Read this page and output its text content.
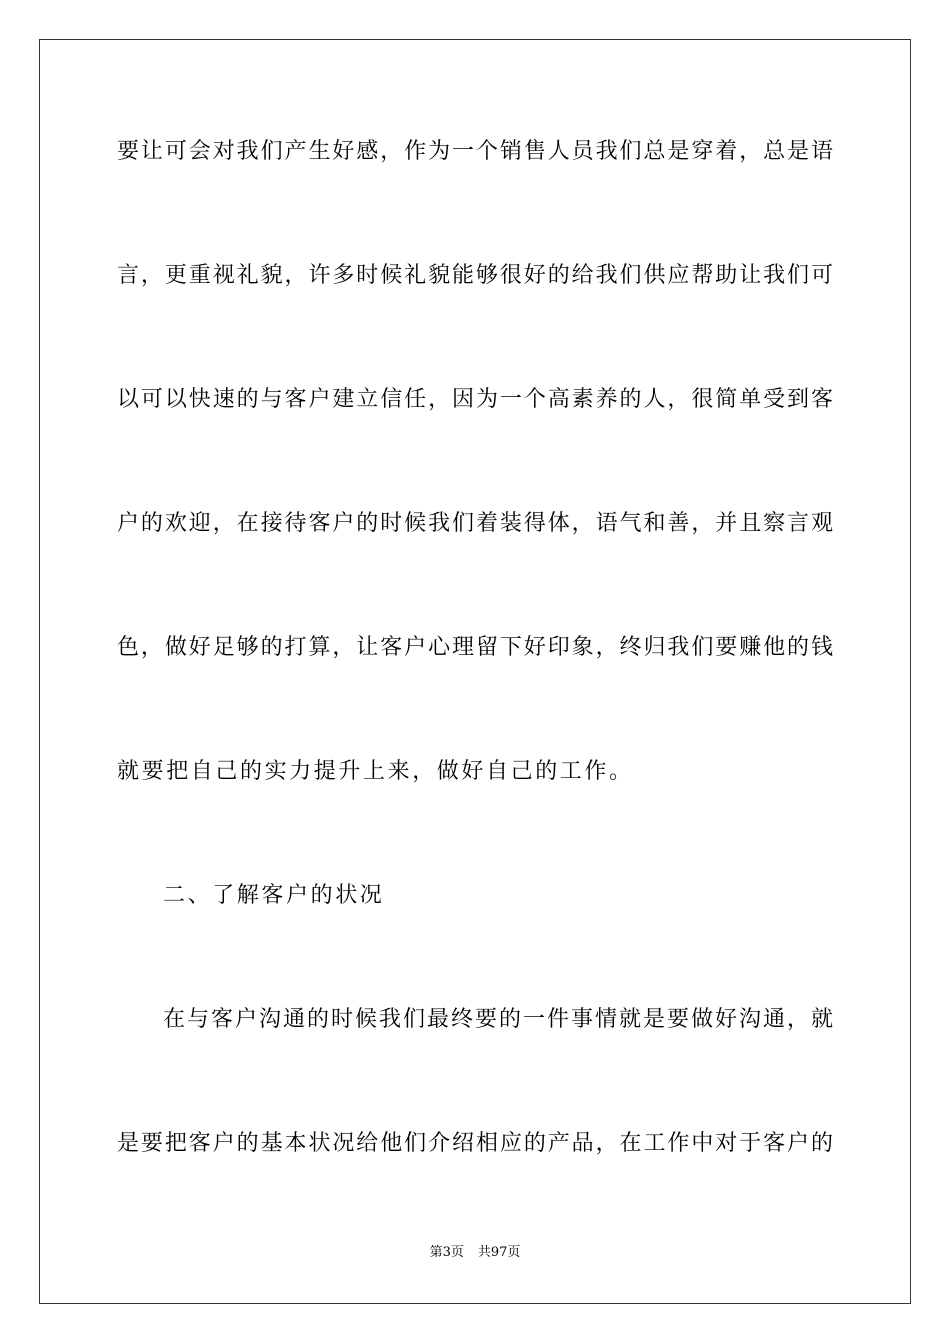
要让可会对我们产生好感，作为一个销售人员我们总是穿着，总是语
言，更重视礼貌，许多时候礼貌能够很好的给我们供应帮助让我们可
以可以快速的与客户建立信任，因为一个高素养的人，很简单受到客
户的欢迎，在接待客户的时候我们着装得体，语气和善，并且察言观
色，做好足够的打算，让客户心理留下好印象，终归我们要赚他的钱
就要把自己的实力提升上来，做好自己的工作。
二、了解客户的状况
在与客户沟通的时候我们最终要的一件事情就是要做好沟通，就
是要把客户的基本状况给他们介绍相应的产品，在工作中对于客户的
第3页 共97页
